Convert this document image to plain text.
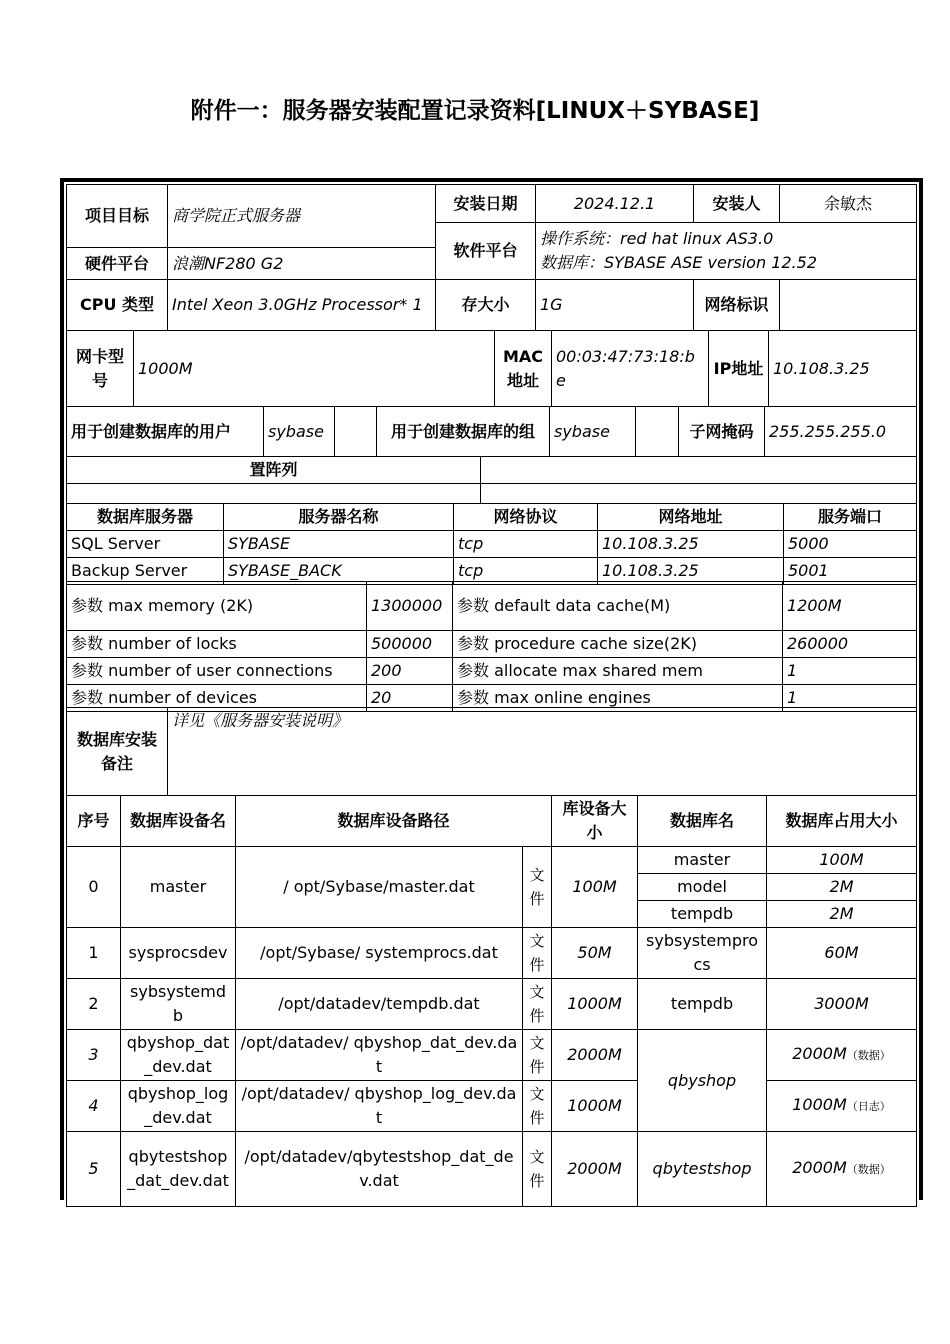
附件一：服务器安装配置记录资料[LINUX＋SYBASE]
项目目标	商学院正式服务器	安装日期	2024.12.1	安装人	余敏杰
		软件平台	操作系统：red hat linux AS3.0
数据库：SYBASE ASE version 12.52		

硬件平台	浪潮NF280 G2				
CPU 类型	Intel Xeon 3.0GHz Processor* 1	存大小	1G	网络标识	
网卡型号	1000M	MAC地址	00:03:47:73:18:be	IP地址	10.108.3.25
用于创建数据库的用户	sybase		用于创建数据库的组	sybase		子网掩码	255.255.255.0
置阵列	

数据库服务器	服务器名称	网络协议	网络地址	服务端口
SQL Server	SYBASE	tcp	10.108.3.25	5000
Backup Server	SYBASE_BACK	tcp	10.108.3.25	5001
参数 max memory (2K)	1300000	参数 default data cache(M)	1200M
参数 number of locks	500000	参数 procedure cache size(2K)	260000
参数 number of user connections	200	参数 allocate max shared mem	1
参数 number of devices	20	参数 max online engines	1
数据库安装备注	详见《服务器安装说明》
序号	数据库设备名	数据库设备路径		库设备大小	数据库名	数据库占用大小
0	master	/ opt/Sybase/master.dat	文件	100M	master	100M
					model	2M
					tempdb	2M
1	sysprocsdev	/opt/Sybase/ systemprocs.dat	文件	50M	sybsystemprocs	60M
2	sybsystemdb	/opt/datadev/tempdb.dat	文件	1000M	tempdb	3000M
3	qbyshop_dat_dev.dat	/opt/datadev/ qbyshop_dat_dev.dat	文件	2000M	qbyshop	2000M（数据）
4	qbyshop_log_dev.dat	/opt/datadev/ qbyshop_log_dev.dat	文件	1000M		1000M（日志）
5	qbytestshop_dat_dev.dat	/opt/datadev/qbytestshop_dat_dev.dat	文件	2000M	qbytestshop	2000M（数据）
